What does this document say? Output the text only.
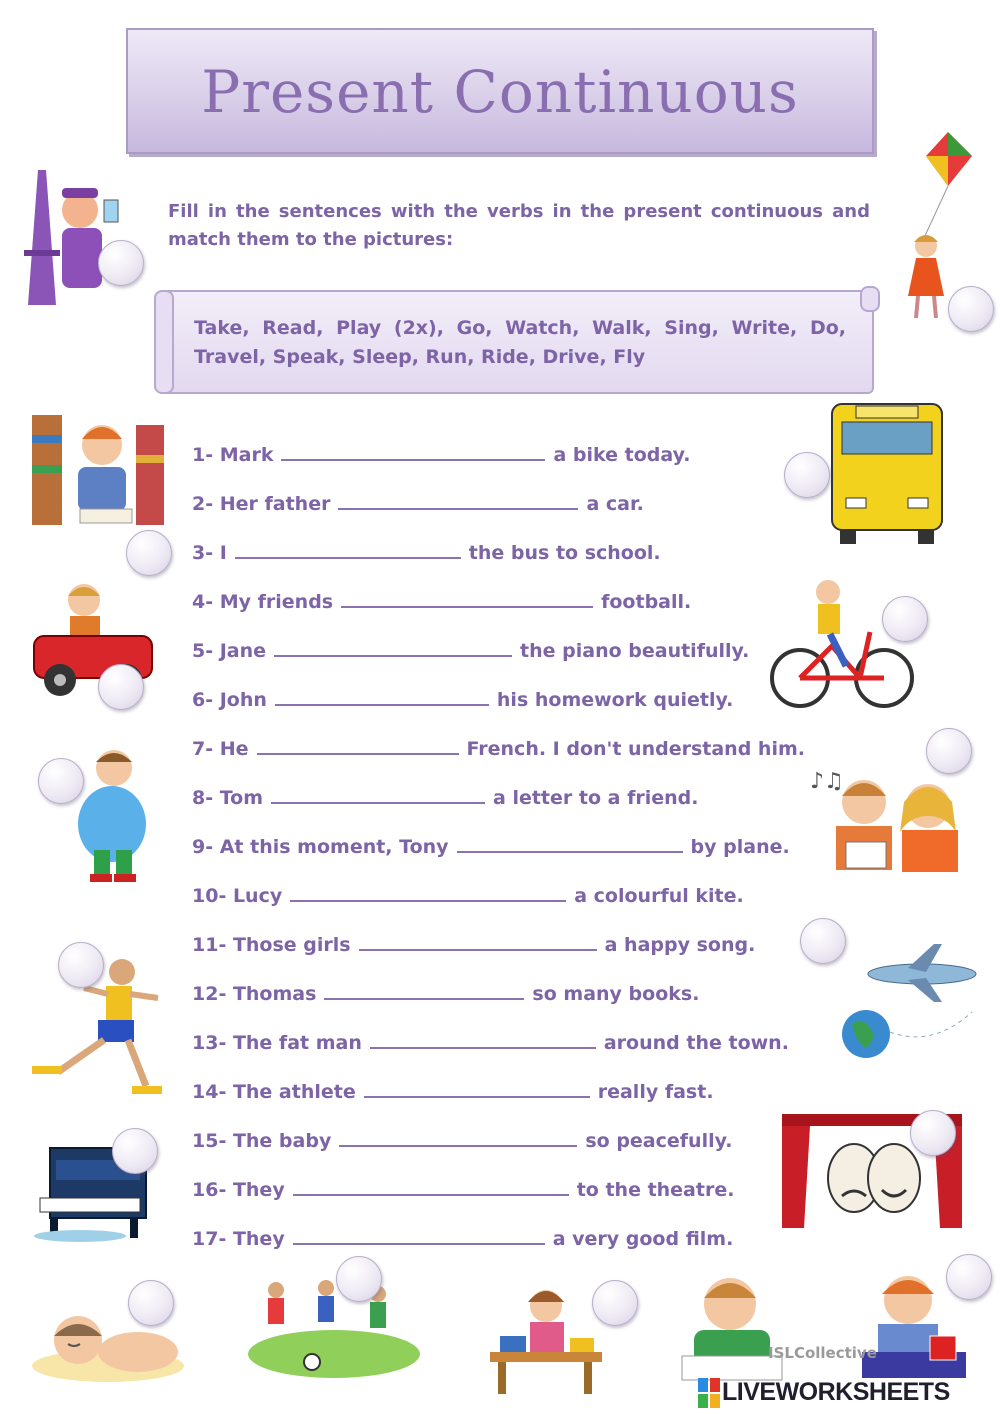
Present Continuous
Fill in the sentences with the verbs in the present continuous and match them to the pictures:
Take, Read, Play (2x), Go, Watch, Walk, Sing, Write, Do, Travel, Speak, Sleep, Run, Ride, Drive, Fly
1- Mark	a bike today.
2- Her father	a car.
3- I	the bus to school.
4- My friends	football.
5- Jane	the piano beautifully.
6- John	his homework quietly.
7- He	French. I don't understand him.
8- Tom	a letter to a friend.
9- At this moment, Tony	by plane.
10- Lucy	a colourful kite.
11- Those girls	a happy song.
12- Thomas	so many books.
13- The fat man	around the town.
14- The athlete	really fast.
15- The baby	so peacefully.
16- They	to the theatre.
17- They	a very good film.
♪♫
ISLCollective
LIVEWORKSHEETS
